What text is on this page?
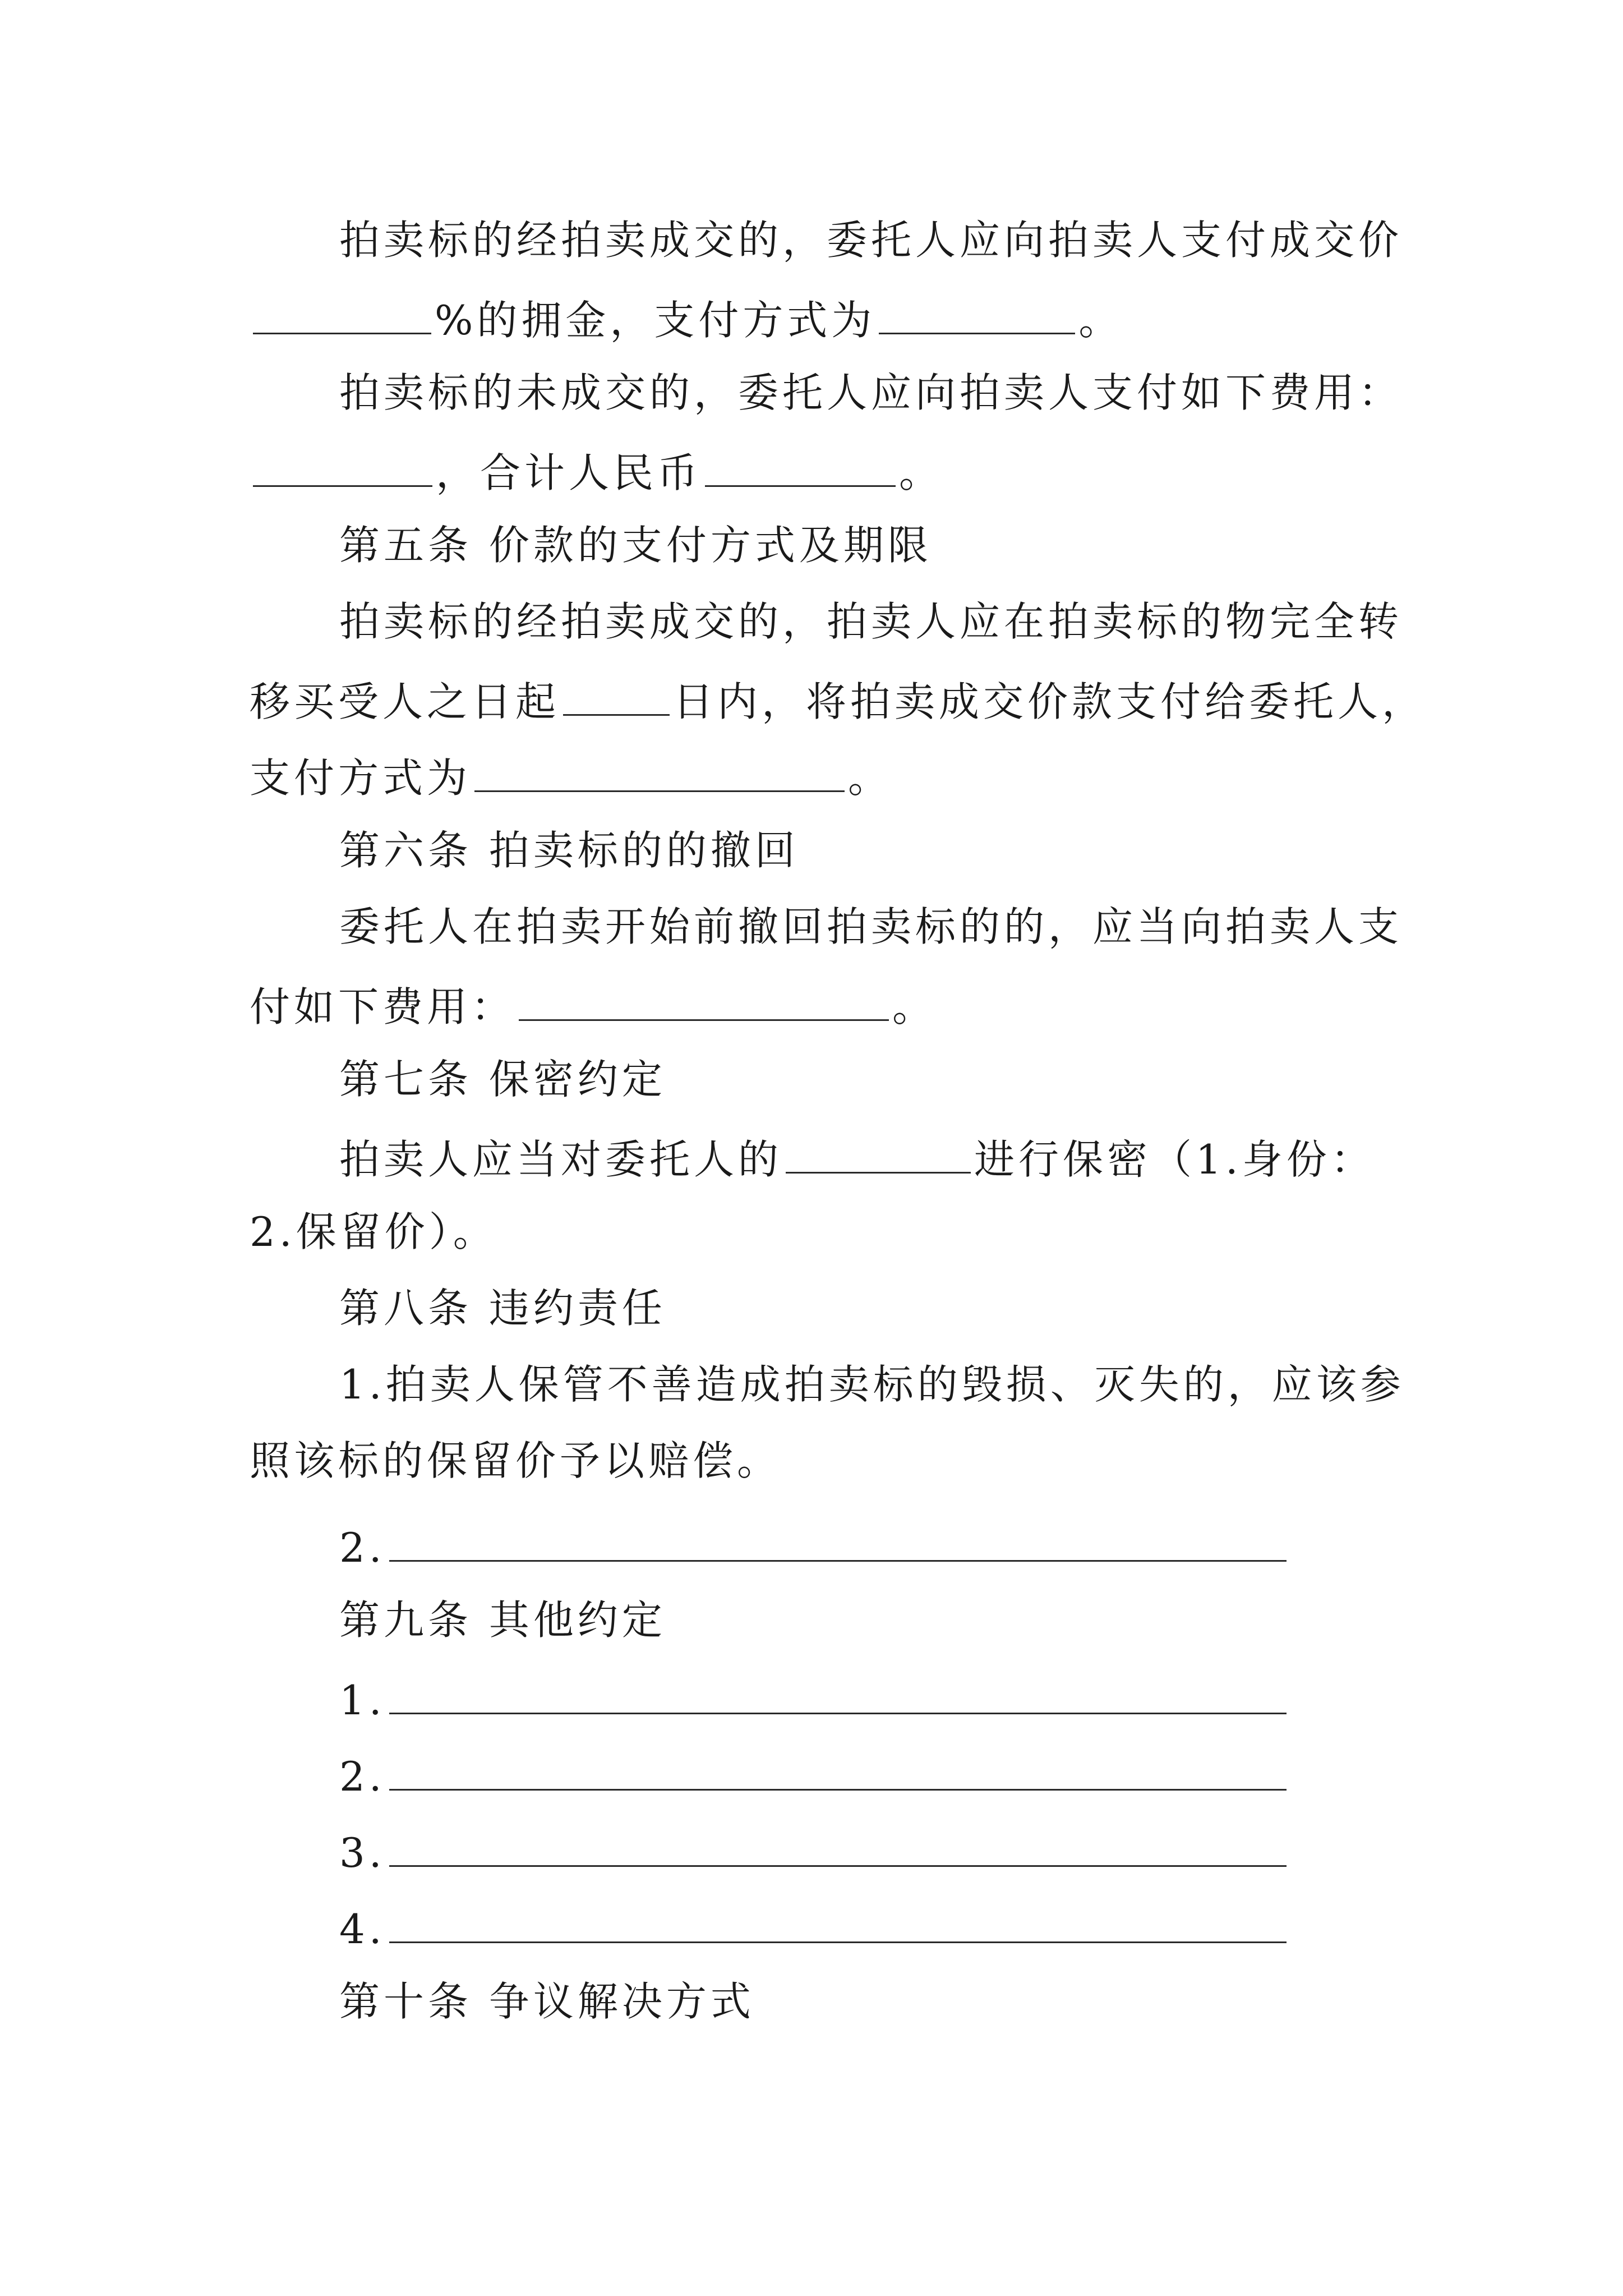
拍卖标的经拍卖成交的，委托人应向拍卖人支付成交价
%的拥金，支付方式为	。
拍卖标的未成交的，委托人应向拍卖人支付如下费用：
，合计人民币	。
第五条 价款的支付方式及期限
拍卖标的经拍卖成交的，拍卖人应在拍卖标的物完全转
移买受人之日起	日内，将拍卖成交价款支付给委托人，
支付方式为	。
第六条 拍卖标的的撤回
委托人在拍卖开始前撤回拍卖标的的，应当向拍卖人支
付如下费用：	。
第七条 保密约定
拍卖人应当对委托人的	进行保密（1.身份：
2.保留价）。
第八条 违约责任
1.拍卖人保管不善造成拍卖标的毁损、灭失的，应该参
照该标的保留价予以赔偿。
2.
第九条 其他约定
1.
2.
3.
4.
第十条 争议解决方式
